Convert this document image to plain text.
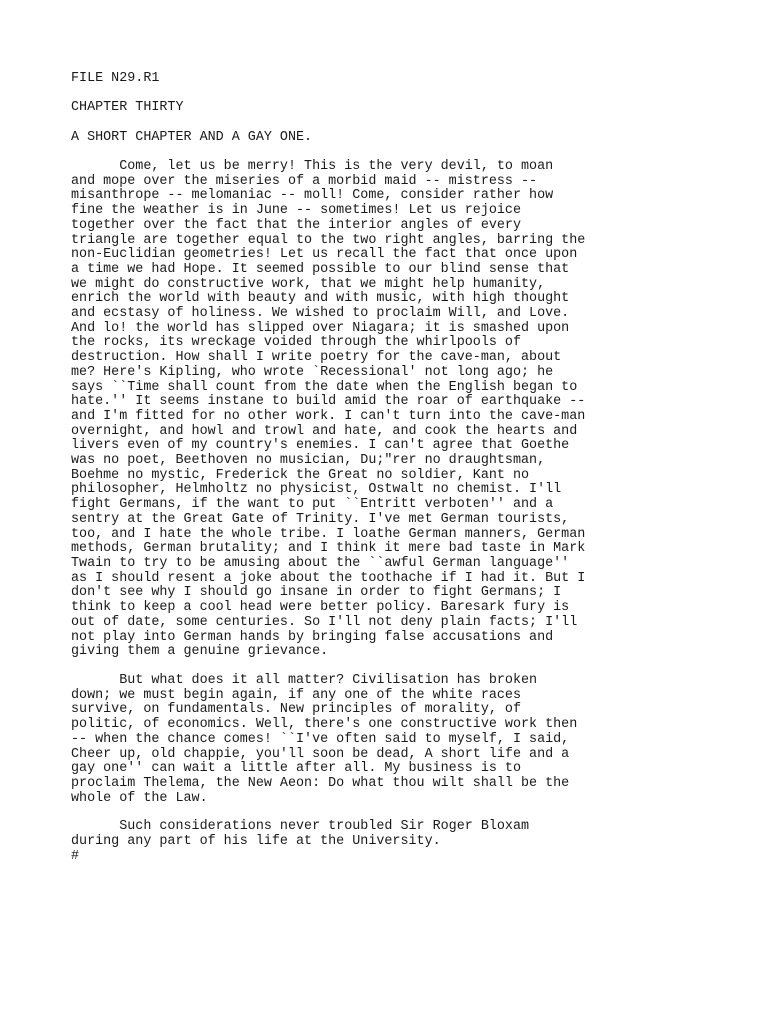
FILE N29.R1

CHAPTER THIRTY

A SHORT CHAPTER AND A GAY ONE.

Come, let us be merry! This is the very devil, to moan
and mope over the miseries of a morbid maid -- mistress --
misanthrope -- melomaniac -- moll! Come, consider rather how
fine the weather is in June -- sometimes! Let us rejoice
together over the fact that the interior angles of every
triangle are together equal to the two right angles, barring the
non-Euclidian geometries! Let us recall the fact that once upon
a time we had Hope. It seemed possible to our blind sense that
we might do constructive work, that we might help humanity,
enrich the world with beauty and with music, with high thought
and ecstasy of holiness. We wished to proclaim Will, and Love.
And lo! the world has slipped over Niagara; it is smashed upon
the rocks, its wreckage voided through the whirlpools of
destruction. How shall I write poetry for the cave-man, about
me? Here's Kipling, who wrote `Recessional' not long ago; he
says ``Time shall count from the date when the English began to
hate.'' It seems instane to build amid the roar of earthquake --
and I'm fitted for no other work. I can't turn into the cave-man
overnight, and howl and trowl and hate, and cook the hearts and
livers even of my country's enemies. I can't agree that Goethe
was no poet, Beethoven no musician, Du;"rer no draughtsman,
Boehme no mystic, Frederick the Great no soldier, Kant no
philosopher, Helmholtz no physicist, Ostwalt no chemist. I'll
fight Germans, if the want to put ``Entritt verboten'' and a
sentry at the Great Gate of Trinity. I've met German tourists,
too, and I hate the whole tribe. I loathe German manners, German
methods, German brutality; and I think it mere bad taste in Mark
Twain to try to be amusing about the ``awful German language''
as I should resent a joke about the toothache if I had it. But I
don't see why I should go insane in order to fight Germans; I
think to keep a cool head were better policy. Baresark fury is
out of date, some centuries. So I'll not deny plain facts; I'll
not play into German hands by bringing false accusations and
giving them a genuine grievance.

But what does it all matter? Civilisation has broken
down; we must begin again, if any one of the white races
survive, on fundamentals. New principles of morality, of
politic, of economics. Well, there's one constructive work then
-- when the chance comes! ``I've often said to myself, I said,
Cheer up, old chappie, you'll soon be dead, A short life and a
gay one'' can wait a little after all. My business is to
proclaim Thelema, the New Aeon: Do what thou wilt shall be the
whole of the Law.

Such considerations never troubled Sir Roger Bloxam
during any part of his life at the University.

#
